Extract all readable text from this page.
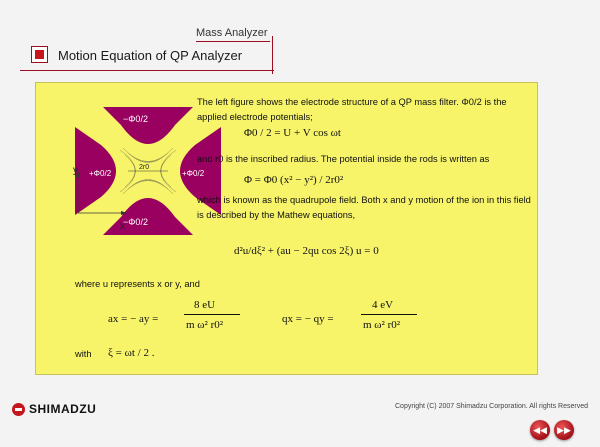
Mass Analyzer
Motion Equation of QP Analyzer
−Φ0/2
−Φ0/2
+Φ0/2	+Φ0/2
2r0
y
x
The left figure shows the electrode structure of a QP mass filter. Φ0/2 is the applied electrode potentials;
Φ0 / 2 = U + V cos ωt
and r0 is the inscribed radius. The potential inside the rods is written as
Φ = Φ0 (x² − y²) / 2r0²
which is known as the quadrupole field. Both x and y motion of the ion in this field is described by the Mathew equations,
d²u/dξ² + (au − 2qu cos 2ξ) u = 0
where u represents x or y, and
ax = − ay =
8 eU
m ω² r0²	qx = − qy =
4 eV
m ω² r0²
with ξ = ωt / 2 .
SHIMADZU	Copyright (C) 2007 Shimadzu Corporation. All rights Reserved
◀◀	▶▶
